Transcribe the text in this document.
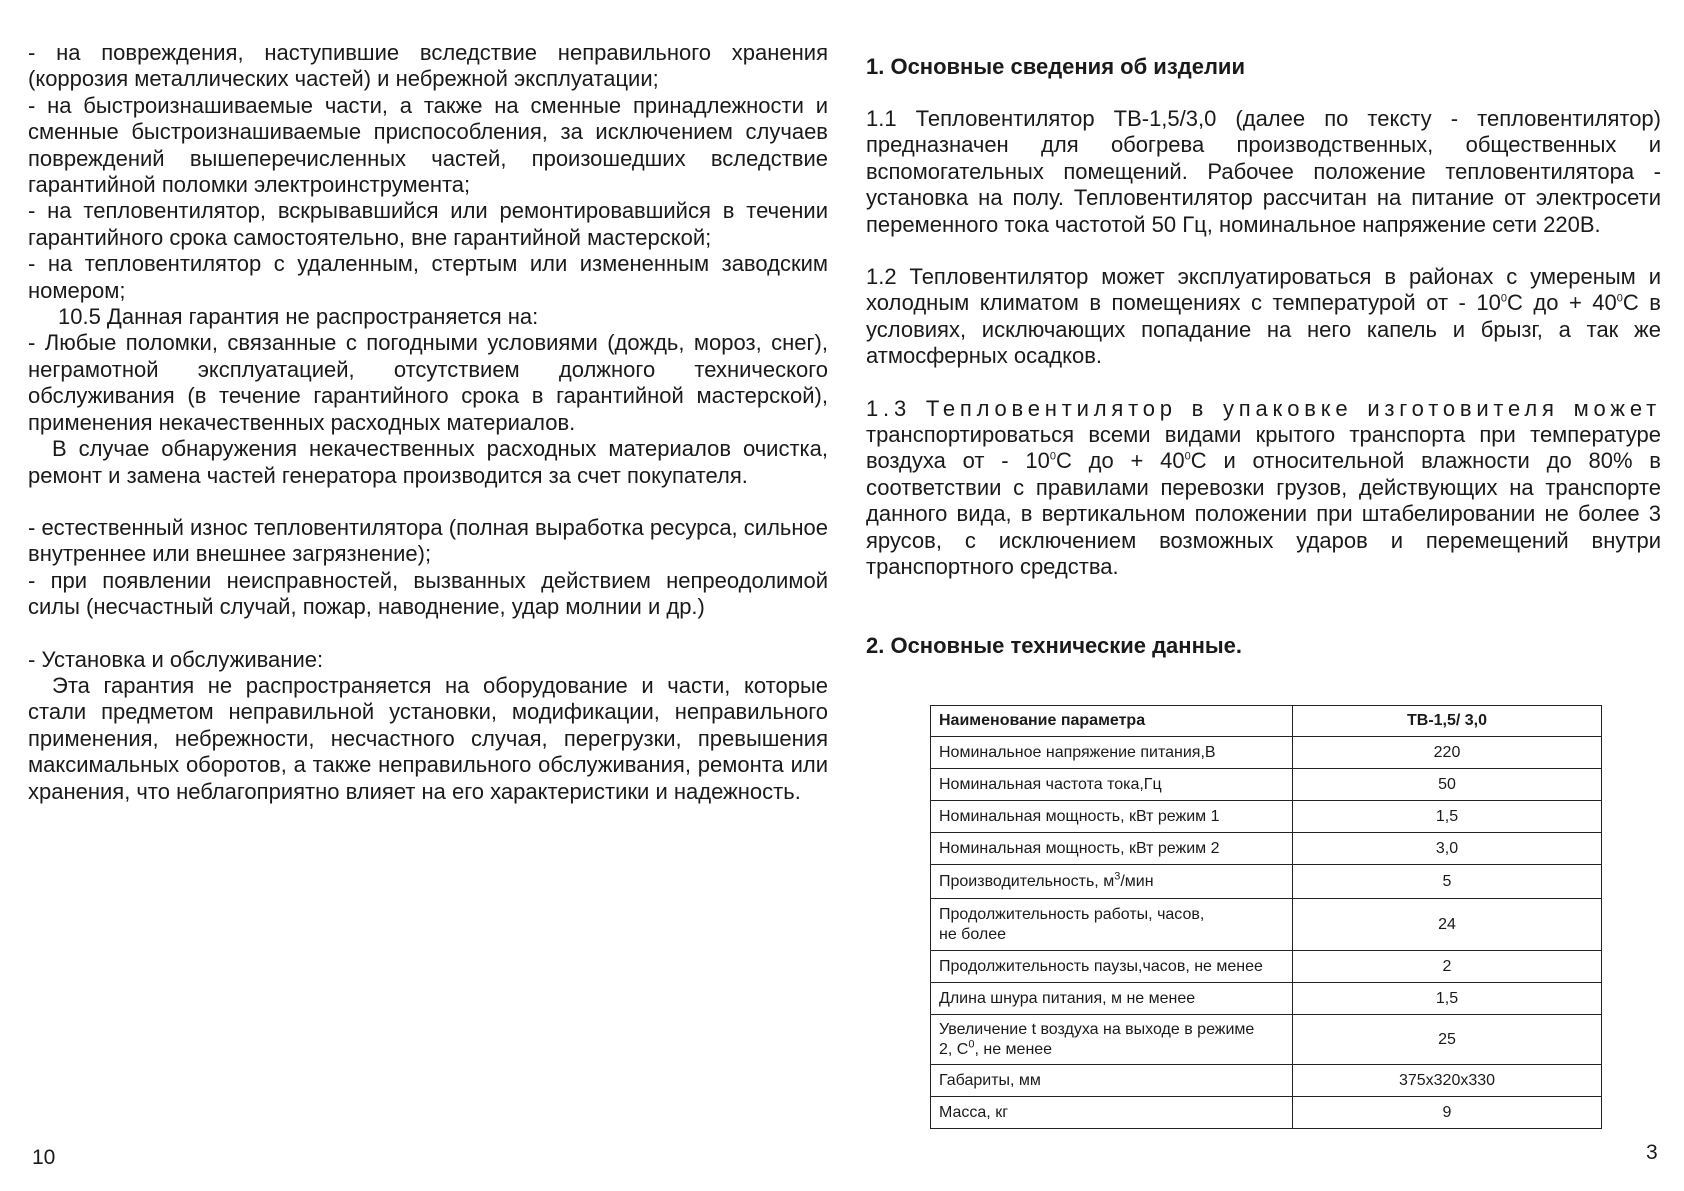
- на повреждения, наступившие вследствие неправильного хранения (коррозия металлических частей) и небрежной эксплуатации;

- на быстроизнашиваемые части, а также на сменные принадлежности и сменные быстроизнашиваемые приспособления, за исключением случаев повреждений вышеперечисленных частей, произошедших вследствие гарантийной поломки электроинструмента;

- на тепловентилятор, вскрывавшийся или ремонтировавшийся в течении гарантийного срока самостоятельно, вне гарантийной мастерской;

- на тепловентилятор с удаленным, стертым или измененным заводским номером;

10.5 Данная гарантия не распространяется на:

- Любые поломки, связанные с погодными условиями (дождь, мороз, снег), неграмотной эксплуатацией, отсутствием должного технического обслуживания (в течение гарантийного срока в гарантийной мастерской), применения некачественных расходных материалов.

В случае обнаружения некачественных расходных материалов очистка, ремонт и замена частей генератора производится за счет покупателя.

- естественный износ тепловентилятора (полная выработка ресурса, сильное внутреннее или внешнее загрязнение);

- при появлении неисправностей, вызванных действием непреодолимой силы (несчастный случай, пожар, наводнение, удар молнии и др.)

- Установка и обслуживание:

Эта гарантия не распространяется на оборудование и части, которые стали предметом неправильной установки, модификации, неправильного применения, небрежности, несчастного случая, перегрузки, превышения максимальных оборотов, а также неправильного обслуживания, ремонта или хранения, что неблагоприятно влияет на его характеристики и надежность.

10
1. Основные сведения об изделии

1.1 Тепловентилятор ТВ-1,5/3,0 (далее по тексту - тепловентилятор) предназначен для обогрева производственных, общественных и вспомогательных помещений. Рабочее положение тепловентилятора - установка на полу. Тепловентилятор рассчитан на питание от электросети переменного тока частотой 50 Гц, номинальное напряжение сети 220В.

1.2 Тепловентилятор может эксплуатироваться в районах с умереным и холодным климатом в помещениях с температурой от - $10^0С$ до + $40^0С$ в условиях, исключающих попадание на него капель и брызг, а так же атмосферных осадков.

1.3 Тепловентилятор в упаковке изготовителя может транспортироваться всеми видами крытого транспорта при температуре воздуха от - $10^0С$ до + $40^0С$ и относительной влажности до 80% в соответствии с правилами перевозки грузов, действующих на транспорте данного вида, в вертикальном положении при штабелировании не более 3 ярусов, с исключением возможных ударов и перемещений внутри транспортного средства.

2. Основные технические данные.
Наименование параметра	ТВ-1,5/ 3,0
Номинальное напряжение питания,В	220
Номинальная частота тока,Гц	50
Номинальная мощность, кВт режим 1	1,5
Номинальная мощность, кВт режим 2	3,0
Производительность, $м^3$/мин	5
Продолжительность работы, часов,
не более	24
Продолжительность паузы,часов, не менее	2
Длина шнура питания, м не менее	1,5
Увеличение t воздуха на выходе в режиме
2, $С^0$, не менее	25
Габариты, мм	375x320x330
Масса, кг	9
3
